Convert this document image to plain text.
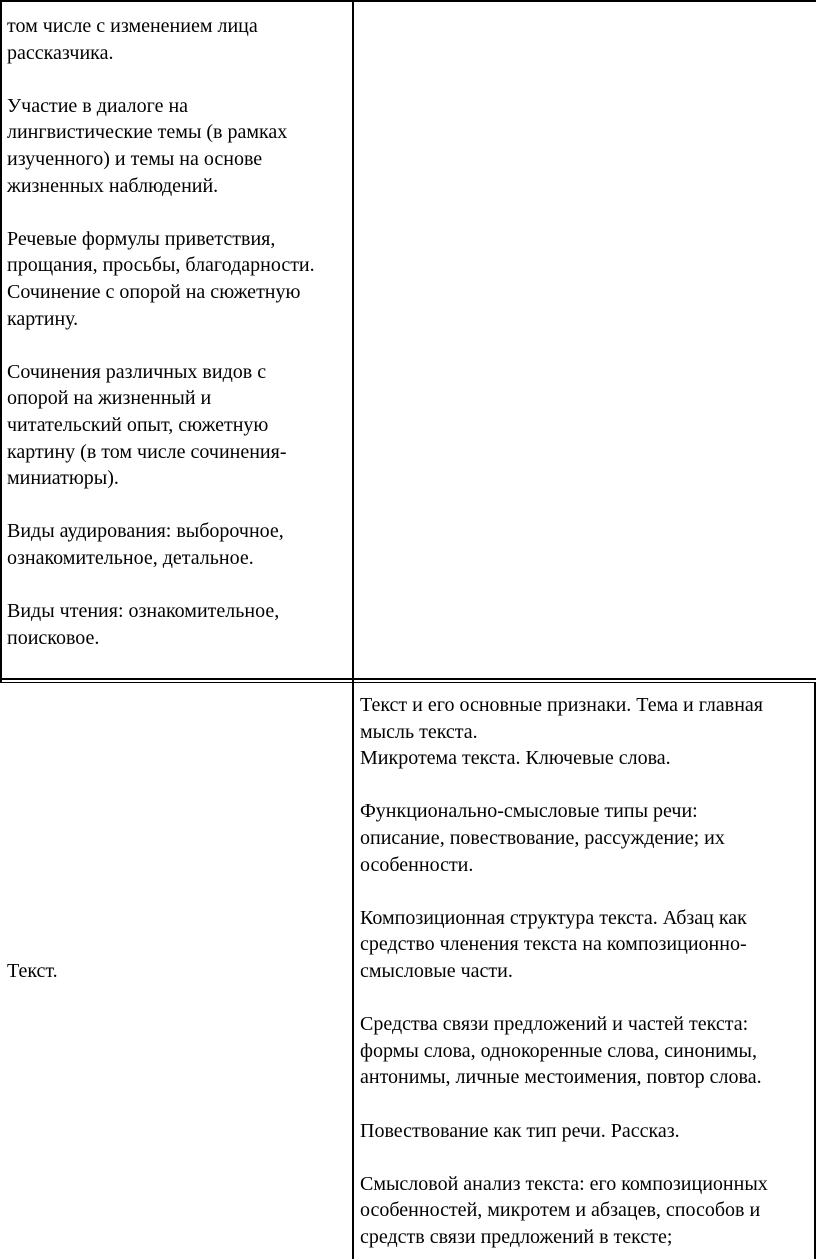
том числе с изменением лица

рассказчика.

Участие в диалоге на

лингвистические темы (в рамках

изученного) и темы на основе

жизненных наблюдений.

Речевые формулы приветствия,

прощания, просьбы, благодарности.

Сочинение с опорой на сюжетную

картину.

Сочинения различных видов с

опорой на жизненный и

читательский опыт, сюжетную

картину (в том числе сочинения-

миниатюры).

Виды аудирования: выборочное,

ознакомительное, детальное.

Виды чтения: ознакомительное,

поисковое.

Текст.

Текст и его основные признаки. Тема и главная

мысль текста.

Микротема текста. Ключевые слова.

Функционально-смысловые типы речи:

описание, повествование, рассуждение; их

особенности.

Композиционная структура текста. Абзац как

средство членения текста на композиционно-

смысловые части.

Средства связи предложений и частей текста:

формы слова, однокоренные слова, синонимы,

антонимы, личные местоимения, повтор слова.

Повествование как тип речи. Рассказ.

Смысловой анализ текста: его композиционных

особенностей, микротем и абзацев, способов и

средств связи предложений в тексте;
